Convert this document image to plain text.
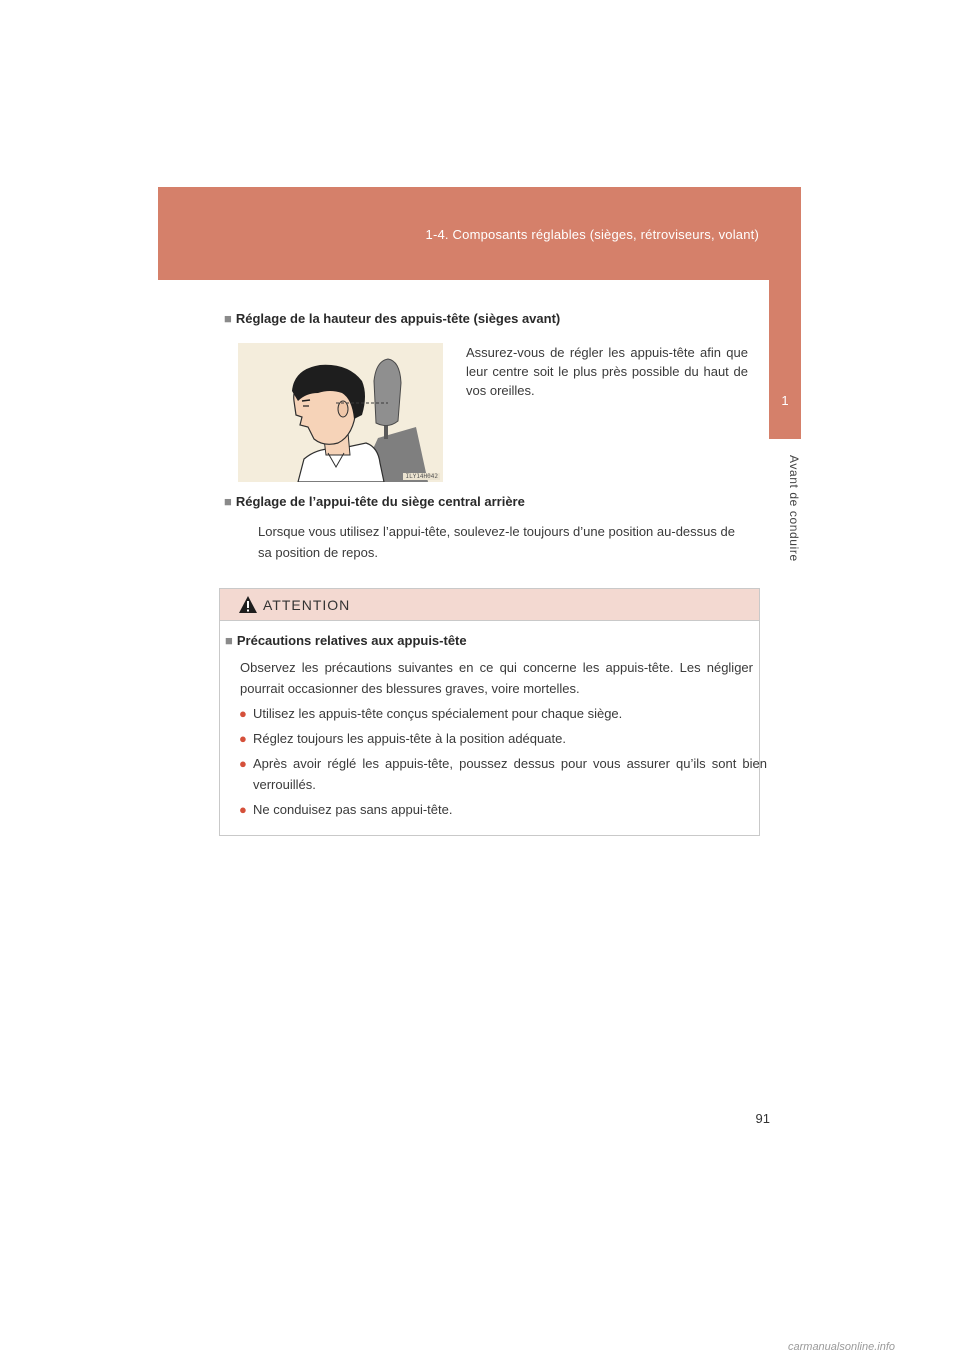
1-4. Composants réglables (sièges, rétroviseurs, volant)
1
Avant de conduire
■ Réglage de la hauteur des appuis-tête (sièges avant)
ILY14H042
Assurez-vous de régler les appuis-tête afin que leur centre soit le plus près possible du haut de vos oreilles.
■ Réglage de l’appui-tête du siège central arrière
Lorsque vous utilisez l’appui-tête, soulevez-le toujours d’une position au-dessus de sa position de repos.
ATTENTION
■ Précautions relatives aux appuis-tête
Observez les précautions suivantes en ce qui concerne les appuis-tête. Les négliger pourrait occasionner des blessures graves, voire mortelles.
● Utilisez les appuis-tête conçus spécialement pour chaque siège.
● Réglez toujours les appuis-tête à la position adéquate.
● Après avoir réglé les appuis-tête, poussez dessus pour vous assurer qu’ils sont bien verrouillés.
● Ne conduisez pas sans appui-tête.
91
carmanualsonline.info
